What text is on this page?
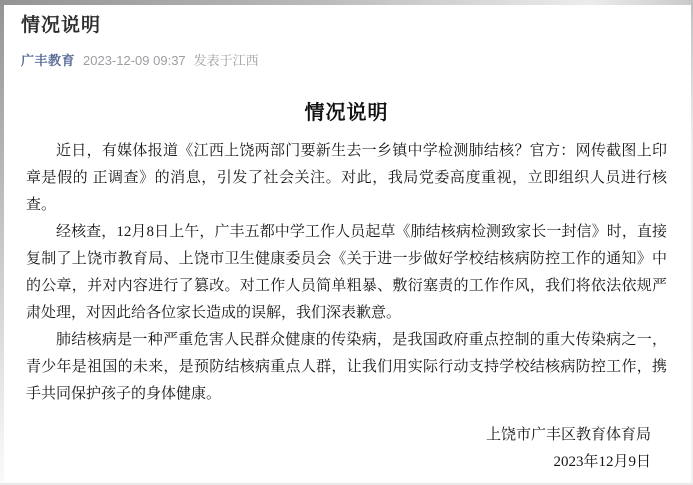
情况说明
广丰教育 2023-12-09 09:37 发表于江西
情况说明

近日，有媒体报道《江西上饶两部门要新生去一乡镇中学检测肺结核？官方：网传截图上印章是假的 正调查》的消息，引发了社会关注。对此，我局党委高度重视，立即组织人员进行核查。

经核查，12月8日上午，广丰五都中学工作人员起草《肺结核病检测致家长一封信》时，直接复制了上饶市教育局、上饶市卫生健康委员会《关于进一步做好学校结核病防控工作的通知》中的公章，并对内容进行了篡改。对工作人员简单粗暴、敷衍塞责的工作作风，我们将依法依规严肃处理，对因此给各位家长造成的误解，我们深表歉意。

肺结核病是一种严重危害人民群众健康的传染病，是我国政府重点控制的重大传染病之一，青少年是祖国的未来，是预防结核病重点人群，让我们用实际行动支持学校结核病防控工作，携手共同保护孩子的身体健康。

上饶市广丰区教育体育局
2023年12月9日
